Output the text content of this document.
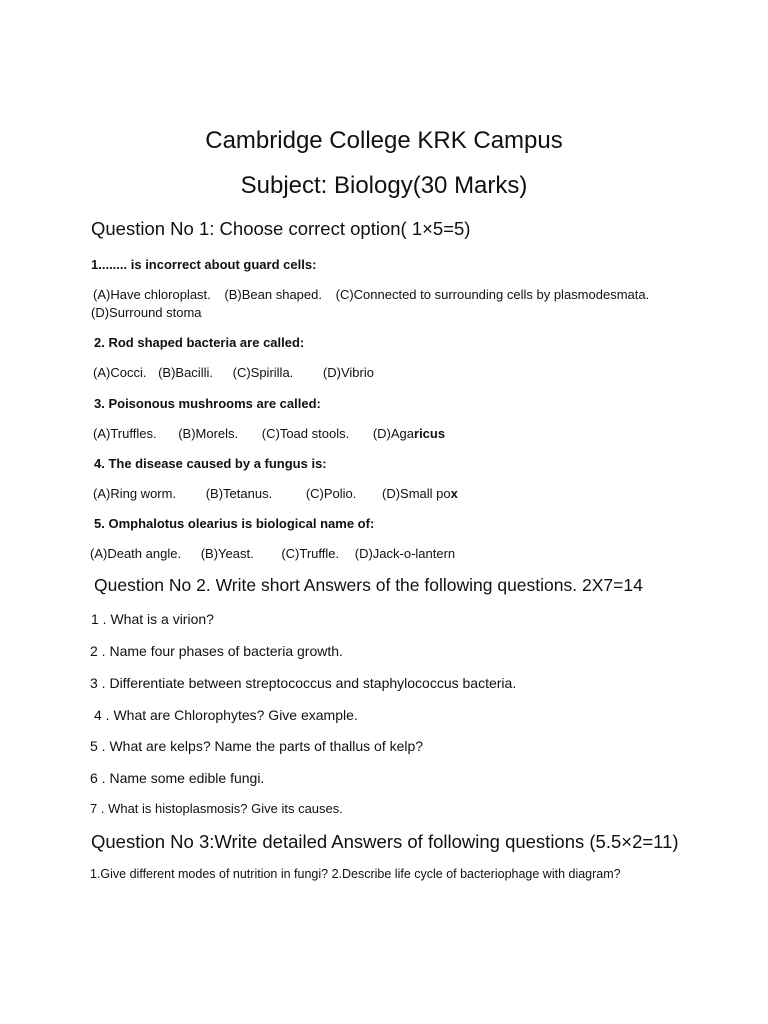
Cambridge College KRK Campus
Subject: Biology(30 Marks)
Question No 1: Choose correct option( 1×5=5)
1........ is incorrect about guard cells:
(A)Have chloroplast. (B)Bean shaped. (C)Connected to surrounding cells by plasmodesmata.
(D)Surround stoma
2. Rod shaped bacteria are called:
(A)Cocci. (B)Bacilli. (C)Spirilla. (D)Vibrio
3. Poisonous mushrooms are called:
(A)Truffles. (B)Morels. (C)Toad stools. (D)Agaricus
4. The disease caused by a fungus is:
(A)Ring worm. (B)Tetanus.	(C)Polio. (D)Small pox
5. Omphalotus olearius is biological name of:
(A)Death angle. (B)Yeast. (C)Truffle. (D)Jack-o-lantern
Question No 2. Write short Answers of the following questions. 2X7=14
1 . What is a virion?
2 . Name four phases of bacteria growth.
3 . Differentiate between streptococcus and staphylococcus bacteria.
4 . What are Chlorophytes? Give example.
5 . What are kelps? Name the parts of thallus of kelp?
6 . Name some edible fungi.
7 . What is histoplasmosis? Give its causes.
Question No 3:Write detailed Answers of following questions (5.5×2=11)
1.Give different modes of nutrition in fungi? 2.Describe life cycle of bacteriophage with diagram?
